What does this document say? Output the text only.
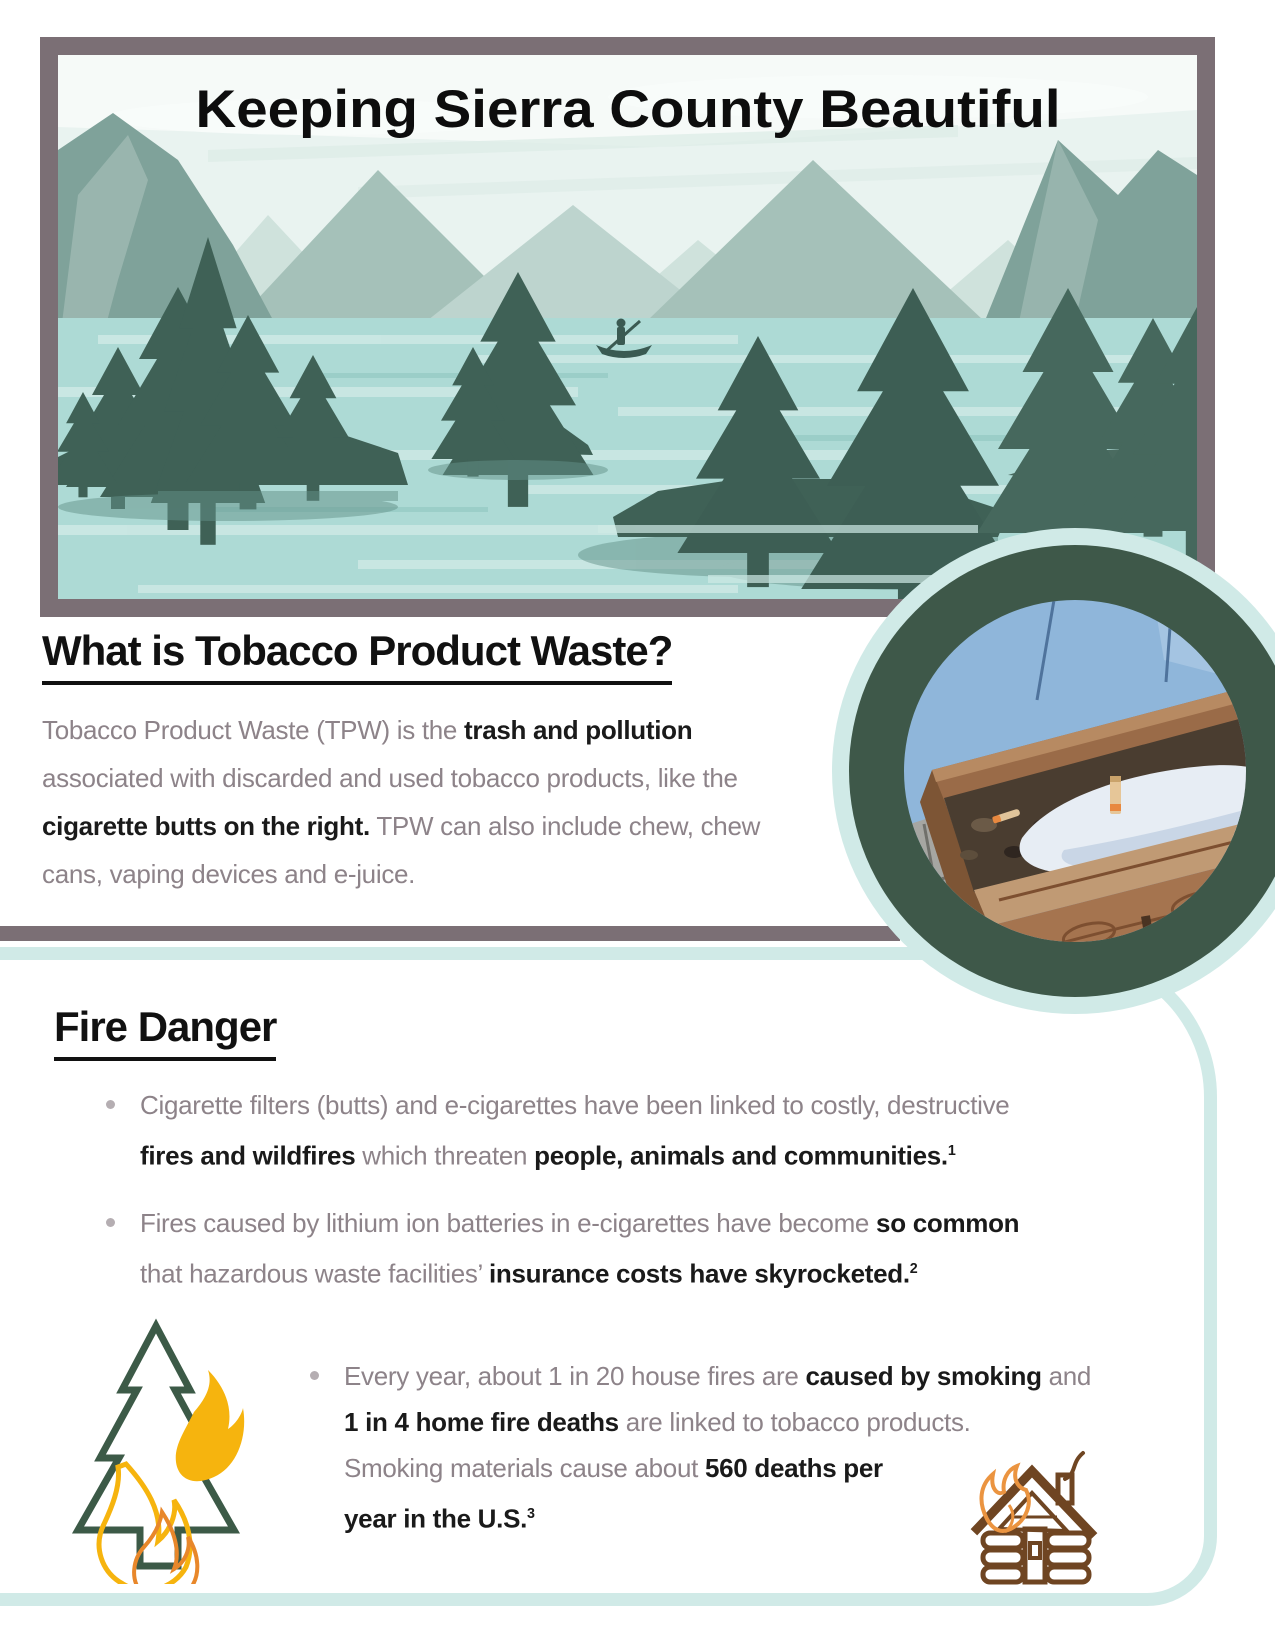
Keeping Sierra County Beautiful
What is Tobacco Product Waste?
Tobacco Product Waste (TPW) is the trash and pollution
associated with discarded and used tobacco products, like the
cigarette butts on the right. TPW can also include chew, chew
cans, vaping devices and e-juice.
Fire Danger
Cigarette filters (butts) and e-cigarettes have been linked to costly, destructive
fires and wildfires which threaten people, animals and communities.$^1$
Fires caused by lithium ion batteries in e-cigarettes have become so common
that hazardous waste facilities’ insurance costs have skyrocketed.$^2$
Every year, about 1 in 20 house fires are caused by smoking and
1 in 4 home fire deaths are linked to tobacco products.
Smoking materials cause about 560 deaths per
year in the U.S.$^3$
